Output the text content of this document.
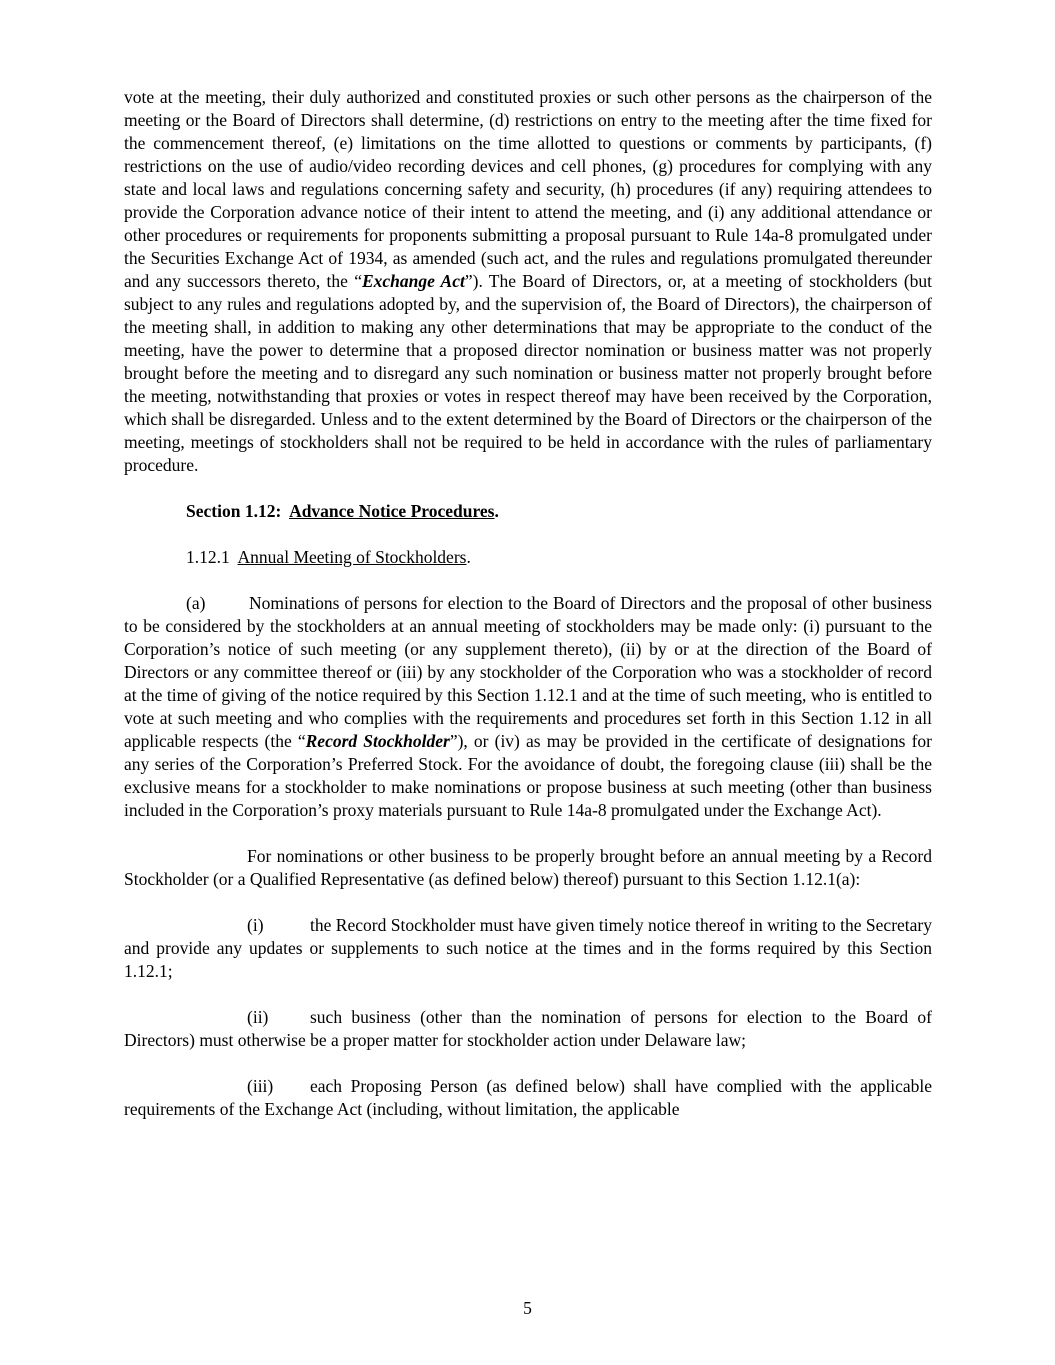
vote at the meeting, their duly authorized and constituted proxies or such other persons as the chairperson of the meeting or the Board of Directors shall determine, (d) restrictions on entry to the meeting after the time fixed for the commencement thereof, (e) limitations on the time allotted to questions or comments by participants, (f) restrictions on the use of audio/video recording devices and cell phones, (g) procedures for complying with any state and local laws and regulations concerning safety and security, (h) procedures (if any) requiring attendees to provide the Corporation advance notice of their intent to attend the meeting, and (i) any additional attendance or other procedures or requirements for proponents submitting a proposal pursuant to Rule 14a-8 promulgated under the Securities Exchange Act of 1934, as amended (such act, and the rules and regulations promulgated thereunder and any successors thereto, the “Exchange Act”). The Board of Directors, or, at a meeting of stockholders (but subject to any rules and regulations adopted by, and the supervision of, the Board of Directors), the chairperson of the meeting shall, in addition to making any other determinations that may be appropriate to the conduct of the meeting, have the power to determine that a proposed director nomination or business matter was not properly brought before the meeting and to disregard any such nomination or business matter not properly brought before the meeting, notwithstanding that proxies or votes in respect thereof may have been received by the Corporation, which shall be disregarded. Unless and to the extent determined by the Board of Directors or the chairperson of the meeting, meetings of stockholders shall not be required to be held in accordance with the rules of parliamentary procedure.

Section 1.12:  Advance Notice Procedures.

1.12.1  Annual Meeting of Stockholders.

(a) Nominations of persons for election to the Board of Directors and the proposal of other business to be considered by the stockholders at an annual meeting of stockholders may be made only: (i) pursuant to the Corporation’s notice of such meeting (or any supplement thereto), (ii) by or at the direction of the Board of Directors or any committee thereof or (iii) by any stockholder of the Corporation who was a stockholder of record at the time of giving of the notice required by this Section 1.12.1 and at the time of such meeting, who is entitled to vote at such meeting and who complies with the requirements and procedures set forth in this Section 1.12 in all applicable respects (the “Record Stockholder”), or (iv) as may be provided in the certificate of designations for any series of the Corporation’s Preferred Stock. For the avoidance of doubt, the foregoing clause (iii) shall be the exclusive means for a stockholder to make nominations or propose business at such meeting (other than business included in the Corporation’s proxy materials pursuant to Rule 14a-8 promulgated under the Exchange Act).

For nominations or other business to be properly brought before an annual meeting by a Record Stockholder (or a Qualified Representative (as defined below) thereof) pursuant to this Section 1.12.1(a):

(i)	the Record Stockholder must have given timely notice thereof in writing to the Secretary and provide any updates or supplements to such notice at the times and in the forms required by this Section 1.12.1;

(ii) such business (other than the nomination of persons for election to the Board of Directors) must otherwise be a proper matter for stockholder action under Delaware law;

(iii) each Proposing Person (as defined below) shall have complied with the applicable requirements of the Exchange Act (including, without limitation, the applicable

5
